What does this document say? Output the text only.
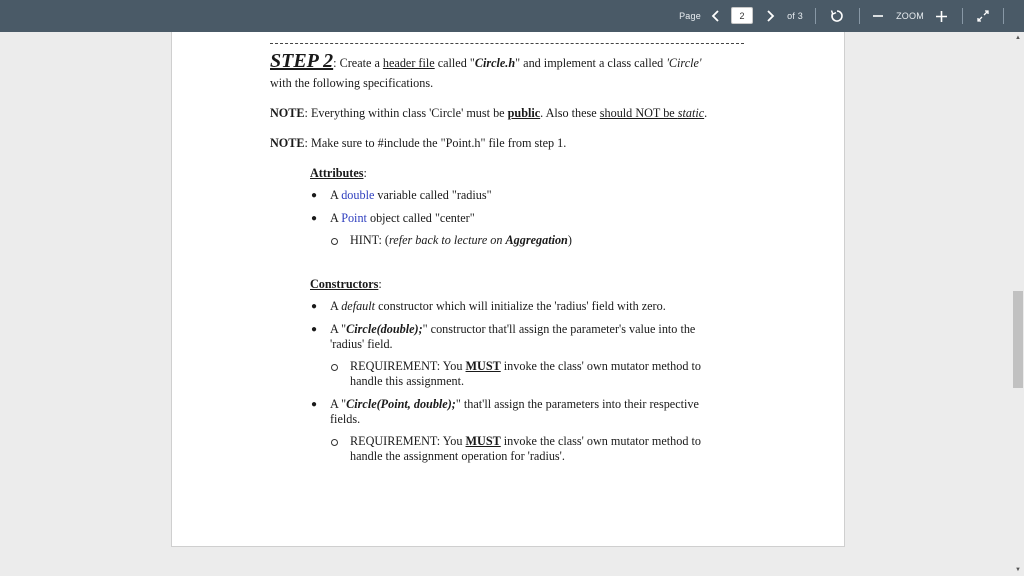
Page
2	of 3	ZOOM
STEP 2: Create a header file called "Circle.h" and implement a class called 'Circle'
with the following specifications.
NOTE: Everything within class 'Circle' must be public. Also these should NOT be static.
NOTE: Make sure to #include the "Point.h" file from step 1.
Attributes:
● A double variable called "radius"
● A Point object called "center"
HINT: (refer back to lecture on Aggregation)
Constructors:
● A default constructor which will initialize the 'radius' field with zero.
● A "Circle(double);" constructor that'll assign the parameter's value into the
'radius' field.
REQUIREMENT: You MUST invoke the class' own mutator method to
handle this assignment.
● A "Circle(Point, double);" that'll assign the parameters into their respective
fields.
REQUIREMENT: You MUST invoke the class' own mutator method to
handle the assignment operation for 'radius'.
▲
▼
